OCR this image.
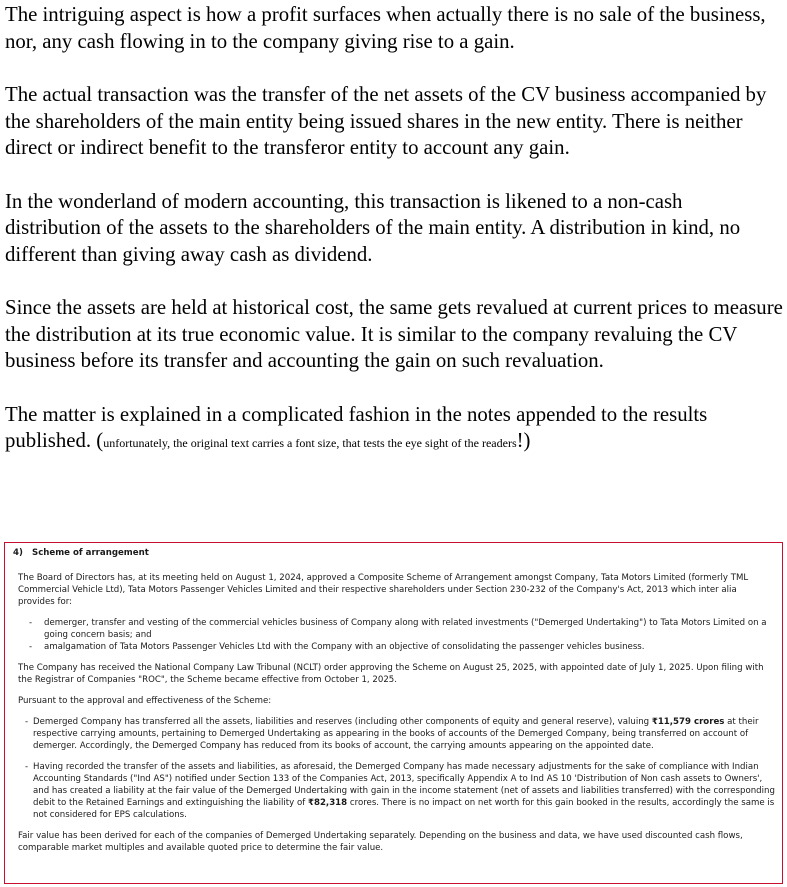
The intriguing aspect is how a profit surfaces when actually there is no sale of the business, nor, any cash flowing in to the company giving rise to a gain.

The actual transaction was the transfer of the net assets of the CV business accompanied by the shareholders of the main entity being issued shares in the new entity. There is neither direct or indirect benefit to the transferor entity to account any gain.

In the wonderland of modern accounting, this transaction is likened to a non-cash distribution of the assets to the shareholders of the main entity. A distribution in kind, no different than giving away cash as dividend.

Since the assets are held at historical cost, the same gets revalued at current prices to measure the distribution at its true economic value. It is similar to the company revaluing the CV business before its transfer and accounting the gain on such revaluation.

The matter is explained in a complicated fashion in the notes appended to the results published. (unfortunately, the original text carries a font size, that tests the eye sight of the readers!)

4) Scheme of arrangement

The Board of Directors has, at its meeting held on August 1, 2024, approved a Composite Scheme of Arrangement amongst Company, Tata Motors Limited (formerly TML Commercial Vehicle Ltd), Tata Motors Passenger Vehicles Limited and their respective shareholders under Section 230-232 of the Company's Act, 2013 which inter alia provides for:

- demerger, transfer and vesting of the commercial vehicles business of Company along with related investments ("Demerged Undertaking") to Tata Motors Limited on a going concern basis; and
- amalgamation of Tata Motors Passenger Vehicles Ltd with the Company with an objective of consolidating the passenger vehicles business.

The Company has received the National Company Law Tribunal (NCLT) order approving the Scheme on August 25, 2025, with appointed date of July 1, 2025. Upon filing with the Registrar of Companies "ROC", the Scheme became effective from October 1, 2025.

Pursuant to the approval and effectiveness of the Scheme:

- Demerged Company has transferred all the assets, liabilities and reserves (including other components of equity and general reserve), valuing ₹11,579 crores at their respective carrying amounts, pertaining to Demerged Undertaking as appearing in the books of accounts of the Demerged Company, being transferred on account of demerger. Accordingly, the Demerged Company has reduced from its books of account, the carrying amounts appearing on the appointed date.
- Having recorded the transfer of the assets and liabilities, as aforesaid, the Demerged Company has made necessary adjustments for the sake of compliance with Indian Accounting Standards ("Ind AS") notified under Section 133 of the Companies Act, 2013, specifically Appendix A to Ind AS 10 'Distribution of Non cash assets to Owners', and has created a liability at the fair value of the Demerged Undertaking with gain in the income statement (net of assets and liabilities transferred) with the corresponding debit to the Retained Earnings and extinguishing the liability of ₹82,318 crores. There is no impact on net worth for this gain booked in the results, accordingly the same is not considered for EPS calculations.

Fair value has been derived for each of the companies of Demerged Undertaking separately. Depending on the business and data, we have used discounted cash flows, comparable market multiples and available quoted price to determine the fair value.
